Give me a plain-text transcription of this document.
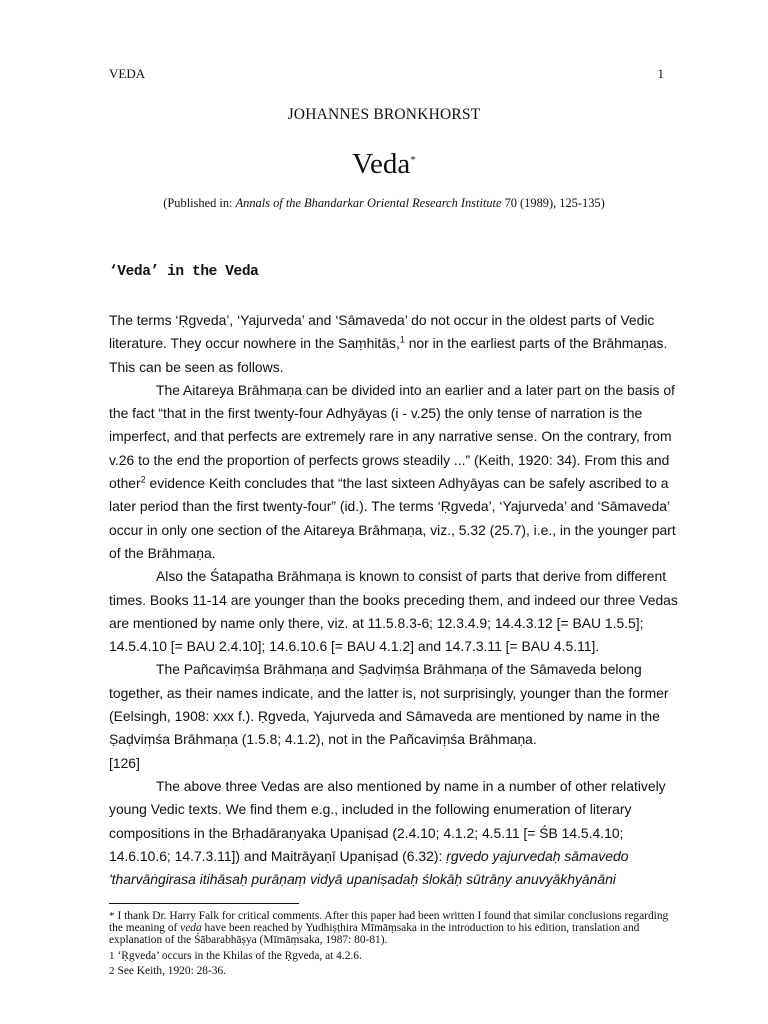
VEDA	1
JOHANNES BRONKHORST
Veda*
(Published in: Annals of the Bhandarkar Oriental Research Institute 70 (1989), 125-135)
‘Veda’ in the Veda

The terms ‘Ṛgveda’, ‘Yajurveda’ and ‘Sāmaveda’ do not occur in the oldest parts of Vedic literature. They occur nowhere in the Saṃhitās,$^1$ nor in the earliest parts of the Brāhmaṇas. This can be seen as follows.

The Aitareya Brāhmaṇa can be divided into an earlier and a later part on the basis of the fact “that in the first twenty-four Adhyāyas (i - v.25) the only tense of narration is the imperfect, and that perfects are extremely rare in any narrative sense. On the contrary, from v.26 to the end the proportion of perfects grows steadily ...” (Keith, 1920: 34). From this and other$^2$ evidence Keith concludes that “the last sixteen Adhyāyas can be safely ascribed to a later period than the first twenty-four” (id.). The terms ‘Ṛgveda’, ‘Yajurveda’ and ‘Sāmaveda’ occur in only one section of the Aitareya Brāhmaṇa, viz., 5.32 (25.7), i.e., in the younger part of the Brāhmaṇa.

Also the Śatapatha Brāhmaṇa is known to consist of parts that derive from different times. Books 11-14 are younger than the books preceding them, and indeed our three Vedas are mentioned by name only there, viz. at 11.5.8.3-6; 12.3.4.9; 14.4.3.12 [= BAU 1.5.5]; 14.5.4.10 [= BAU 2.4.10]; 14.6.10.6 [= BAU 4.1.2] and 14.7.3.11 [= BAU 4.5.11].

The Pañcaviṃśa Brāhmaṇa and Ṣaḍviṃśa Brāhmaṇa of the Sāmaveda belong together, as their names indicate, and the latter is, not surprisingly, younger than the former (Eelsingh, 1908: xxx f.). Ṛgveda, Yajurveda and Sāmaveda are mentioned by name in the Ṣaḍviṃśa Brāhmaṇa (1.5.8; 4.1.2), not in the Pañcaviṃśa Brāhmaṇa.

[126]

The above three Vedas are also mentioned by name in a number of other relatively young Vedic texts. We find them e.g., included in the following enumeration of literary compositions in the Bṛhadāraṇyaka Upaniṣad (2.4.10; 4.1.2; 4.5.11 [= ŚB 14.5.4.10; 14.6.10.6; 14.7.3.11]) and Maitrāyaṇī Upaniṣad (6.32): ṛgvedo yajurvedaḥ sāmavedo 'tharvāṅgirasa itihāsaḥ purāṇaṃ vidyā upaniṣadaḥ ślokāḥ sūtrāṇy anuvyākhyānāni

* I thank Dr. Harry Falk for critical comments. After this paper had been written I found that similar conclusions regarding the meaning of veda have been reached by Yudhiṣṭhira Mīmāṃsaka in the introduction to his edition, translation and explanation of the Śābarabhāṣya (Mīmāṃsaka, 1987: 80-81).

1 ‘Ṛgveda’ occurs in the Khilas of the Ṛgveda, at 4.2.6.

2 See Keith, 1920: 28-36.
